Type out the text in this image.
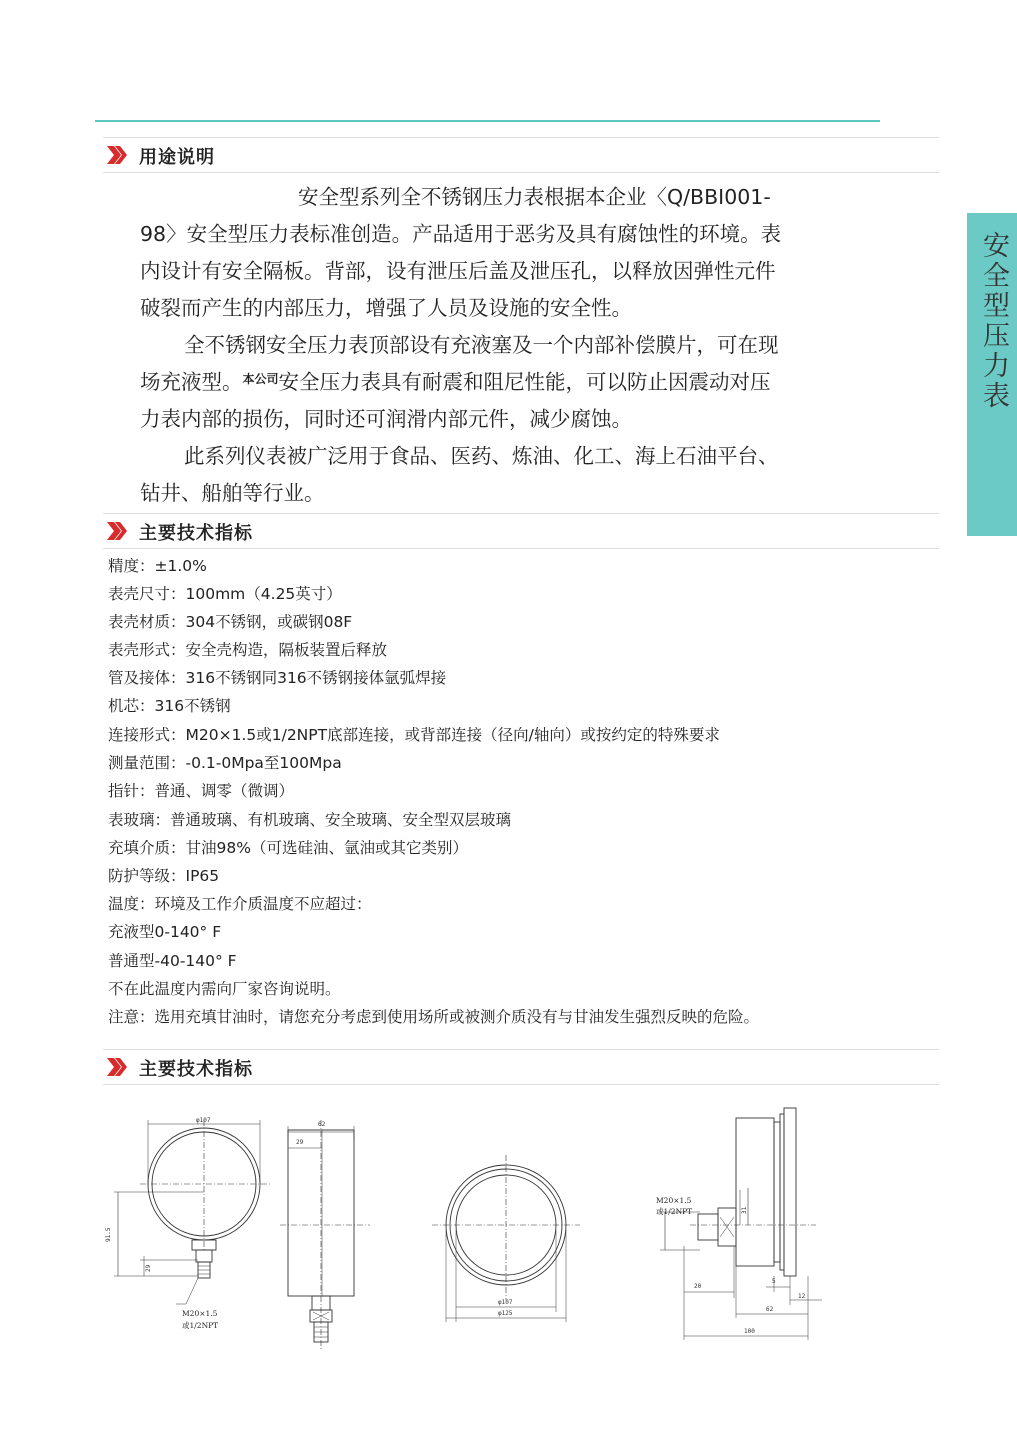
安全型压力表
用途说明

安全型系列全不锈钢压力表根据本企业〈Q/BBI001-

98〉安全型压力表标准创造。产品适用于恶劣及具有腐蚀性的环境。表

内设计有安全隔板。背部，设有泄压后盖及泄压孔，以释放因弹性元件

破裂而产生的内部压力，增强了人员及设施的安全性。

全不锈钢安全压力表顶部设有充液塞及一个内部补偿膜片，可在现

场充液型。$^{本公司}$安全压力表具有耐震和阻尼性能，可以防止因震动对压

力表内部的损伤，同时还可润滑内部元件，减少腐蚀。

此系列仪表被广泛用于食品、医药、炼油、化工、海上石油平台、

钻井、船舶等行业。

主要技术指标

精度：±1.0%

表壳尺寸：100mm（4.25英寸）

表壳材质：304不锈钢，或碳钢08F

表壳形式：安全壳构造，隔板装置后释放

管及接体：316不锈钢同316不锈钢接体氩弧焊接

机芯：316不锈钢

连接形式：M20×1.5或1/2NPT底部连接，或背部连接（径向/轴向）或按约定的特殊要求

测量范围：-0.1-0Mpa至100Mpa

指针：普通、调零（微调）

表玻璃：普通玻璃、有机玻璃、安全玻璃、安全型双层玻璃

充填介质：甘油98%（可选硅油、氩油或其它类别）

防护等级：IP65

温度：环境及工作介质温度不应超过：

充液型0-140° F

普通型-40-140° F

不在此温度内需向厂家咨询说明。

注意：选用充填甘油时，请您充分考虑到使用场所或被测介质没有与甘油发生强烈反映的危险。

主要技术指标
φ107
91.5
29
M20×1.5
或1/2NPT
62
29
φ107
φ125
M20×1.5
或1/2NPT	31
20
5
12
62
100
